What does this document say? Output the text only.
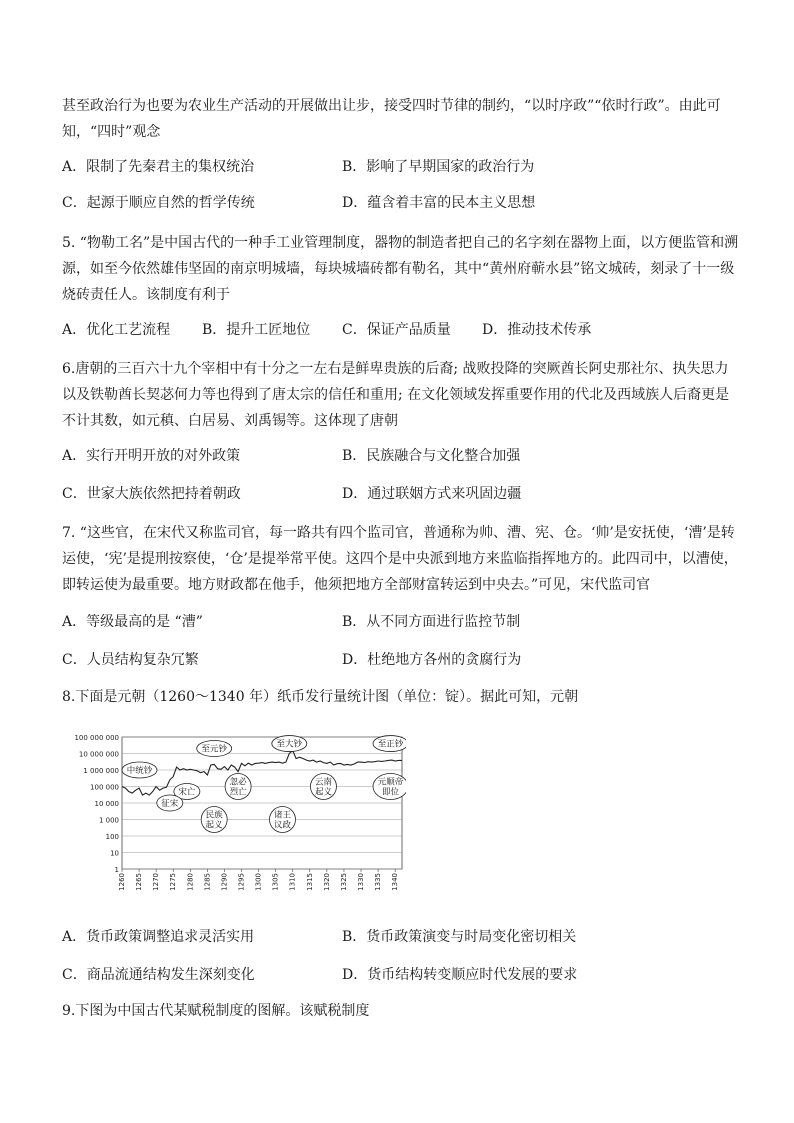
甚至政治行为也要为农业生产活动的开展做出让步，接受四时节律的制约，“以时序政”“依时行政”。由此可知，“四时”观念

A．限制了先秦君主的集权统治	B．影响了早期国家的政治行为
C．起源于顺应自然的哲学传统	D．蕴含着丰富的民本主义思想

5. “物勒工名”是中国古代的一种手工业管理制度，器物的制造者把自己的名字刻在器物上面，以方便监管和溯源，如至今依然雄伟坚固的南京明城墙，每块城墙砖都有勒名，其中“黄州府蕲水县”铭文城砖，刻录了十一级烧砖责任人。该制度有利于

A．优化工艺流程 B．提升工匠地位 C．保证产品质量 D．推动技术传承

6.唐朝的三百六十九个宰相中有十分之一左右是鲜卑贵族的后裔; 战败投降的突厥酋长阿史那社尔、执失思力以及铁勒酋长契苾何力等也得到了唐太宗的信任和重用; 在文化领域发挥重要作用的代北及西域族人后裔更是不计其数，如元稹、白居易、刘禹锡等。这体现了唐朝

A．实行开明开放的对外政策	B．民族融合与文化整合加强
C．世家大族依然把持着朝政	D．通过联姻方式来巩固边疆

7. “这些官，在宋代又称监司官，每一路共有四个监司官，普通称为帅、漕、宪、仓。‘帅’是安抚使，‘漕’是转运使，‘宪’是提刑按察使，‘仓’是提举常平使。这四个是中央派到地方来监临指挥地方的。此四司中，以漕使，即转运使为最重要。地方财政都在他手，他须把地方全部财富转运到中央去。”可见，宋代监司官

A．等级最高的是 “漕”	B．从不同方面进行监控节制
C．人员结构复杂冗繁	D．杜绝地方各州的贪腐行为

8.下面是元朝（1260～1340 年）纸币发行量统计图（单位：锭）。据此可知，元朝

100 000 000
10 000 000
1 000 000
100 000
10 000
1 000
100
10
1
1260 1265 1270 1275 1280 1285 1290 1295 1300 1305 1310 1315 1320 1325 1330 1335 1340
中统钞
至元钞	至大钞	至正钞
宋亡
征宋
忽必
烈亡
民族
起义
诸王
议政
云南
起义
元顺帝
即位
A．货币政策调整追求灵活实用	B．货币政策演变与时局变化密切相关
C．商品流通结构发生深刻变化	D．货币结构转变顺应时代发展的要求

9.下图为中国古代某赋税制度的图解。该赋税制度
